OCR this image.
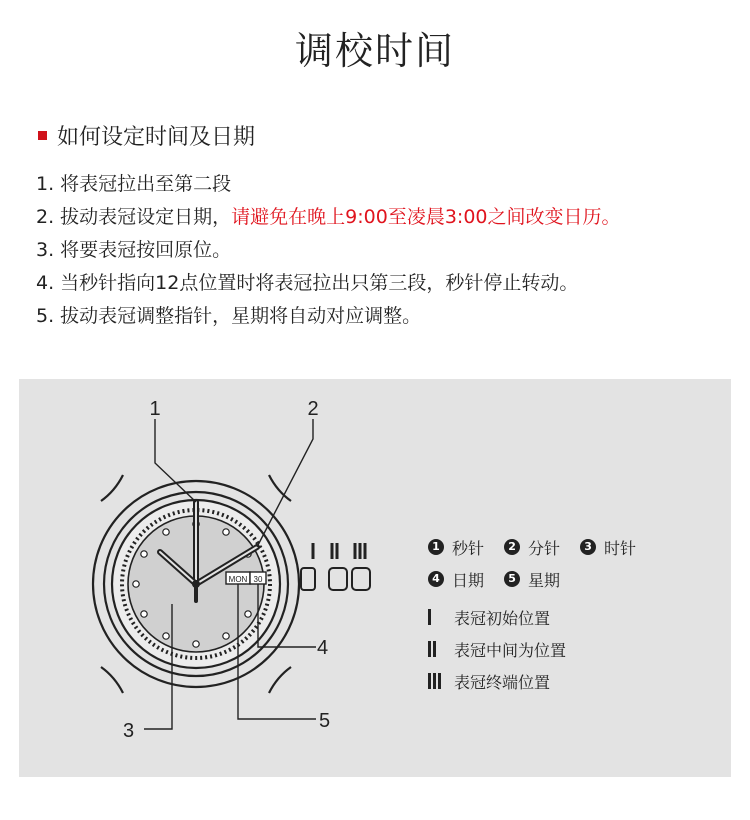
调校时间
如何设定时间及日期
1. 将表冠拉出至第二段
2. 拔动表冠设定日期，请避免在晚上9:00至凌晨3:00之间改变日历。
3. 将要表冠按回原位。
4. 当秒针指向12点位置时将表冠拉出只第三段，秒针停止转动。
5. 拔动表冠调整指针，星期将自动对应调整。
MON 30
1	2
3
4
5
1 秒针	2 分针	3 时针
4 日期	5 星期
表冠初始位置
表冠中间为位置
表冠终端位置
